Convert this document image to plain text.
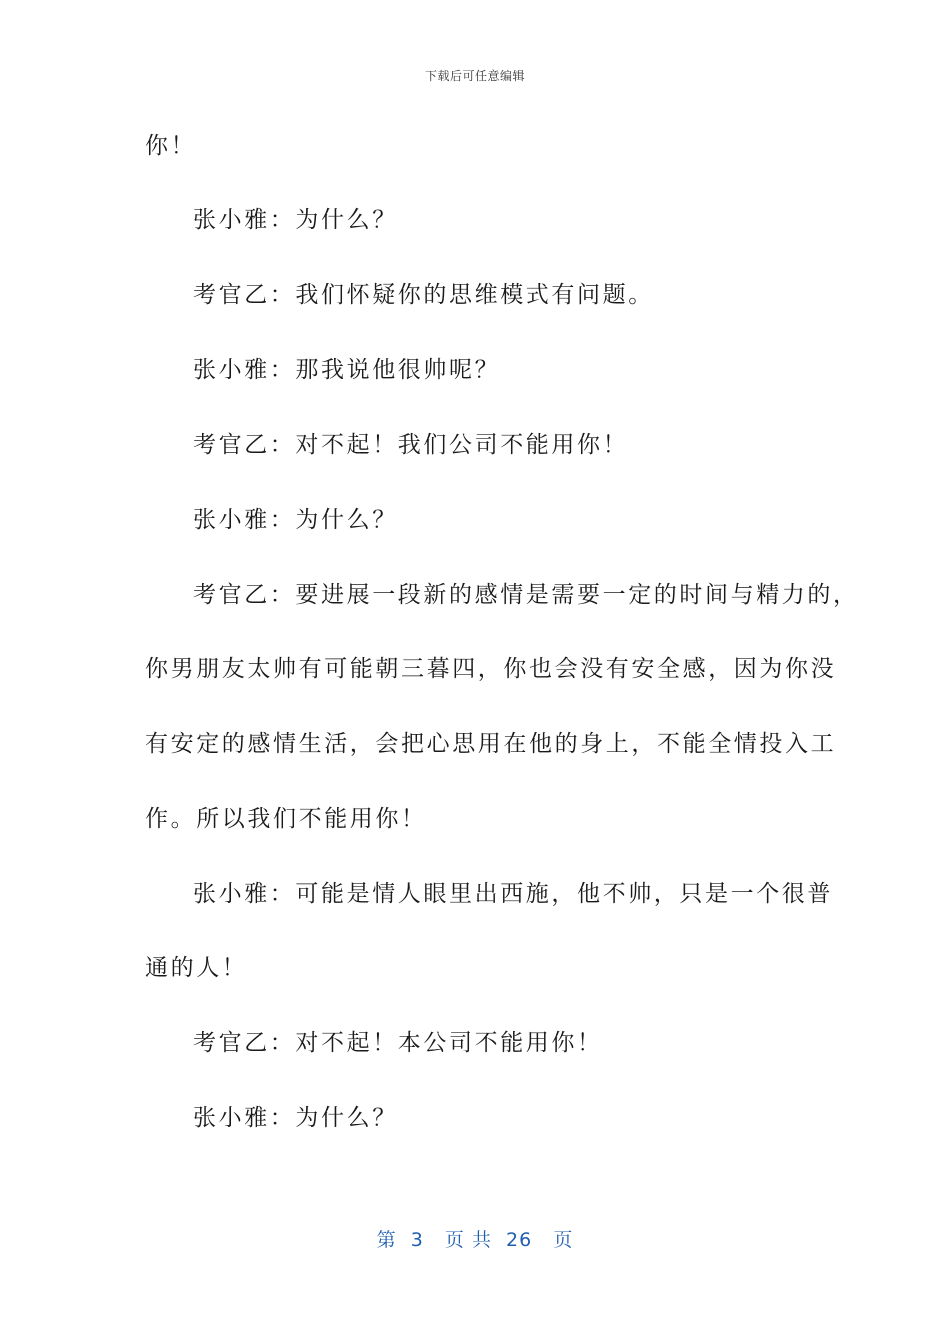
下载后可任意编辑
你！
张小雅：为什么？
考官乙：我们怀疑你的思维模式有问题。
张小雅：那我说他很帅呢？
考官乙：对不起！我们公司不能用你！
张小雅：为什么？
考官乙：要进展一段新的感情是需要一定的时间与精力的，
你男朋友太帅有可能朝三暮四，你也会没有安全感，因为你没
有安定的感情生活，会把心思用在他的身上，不能全情投入工
作。所以我们不能用你！
张小雅：可能是情人眼里出西施，他不帅，只是一个很普
通的人！
考官乙：对不起！本公司不能用你！
张小雅：为什么？
第  3   页 共  26   页
